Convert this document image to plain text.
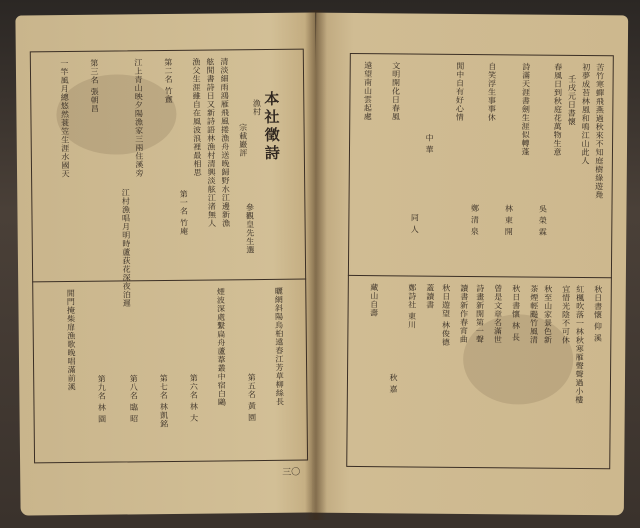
本社徵詩
漁村
宗載巖評
參觀皇先生選
清淡細雨鴻雁飛風捲漁舟送晚歸野水江邊新漁
舷閒書詩日又新詩語林漁村清興淡舷江渚無人
漁父生涯雖自在風波浪裡最相思
第一名 竹庵
第二名 竹盦
江上青山映夕陽漁家三兩住溪旁
江村漁唱月明時蘆荻花深夜泊遲
第三名 張朝昌
一竿風月總悠然蓑笠生涯水國天
曬網斜陽烏桕遠春江芳草柳絲長
第五名 黃 園
煙波深處繫扁舟蘆葦叢中宿白鷗
第六名 林 大
第七名 林凱銘
第八名 臨 昭
第九名 林 園
閒門掩柴扉漁歌晚唱滿前溪
三〇
苦竹寒蟬飛燕過秋來不知庭樹綠遊鳧
初夢成苔林風和鳴江山此人
壬戌元日書懷
春風日到秋庭花萬物生意
吳 榮 霖
詩滿天涯書劍生涯似轉蓬
林 東 開
自笑浮生事事休
鄭 清 泉
閒中自有好心情
中 華
同 人
文明開化日春風
遠望南山雲起處
秋日書懷 仰 溪
紅楓吹落一林秋寒雁聲聲過小樓
宜惜光陰不可休
秋至山家景色新
茶煙輕颺竹風清
秋日書懷 林 長
曾是文章名滿世
詩畫新開第一聲
讀書新作春宵曲
秋日遊望 林俊德
蓋讀書
鄭詩社 東川
秋 嘉
藏山自壽
